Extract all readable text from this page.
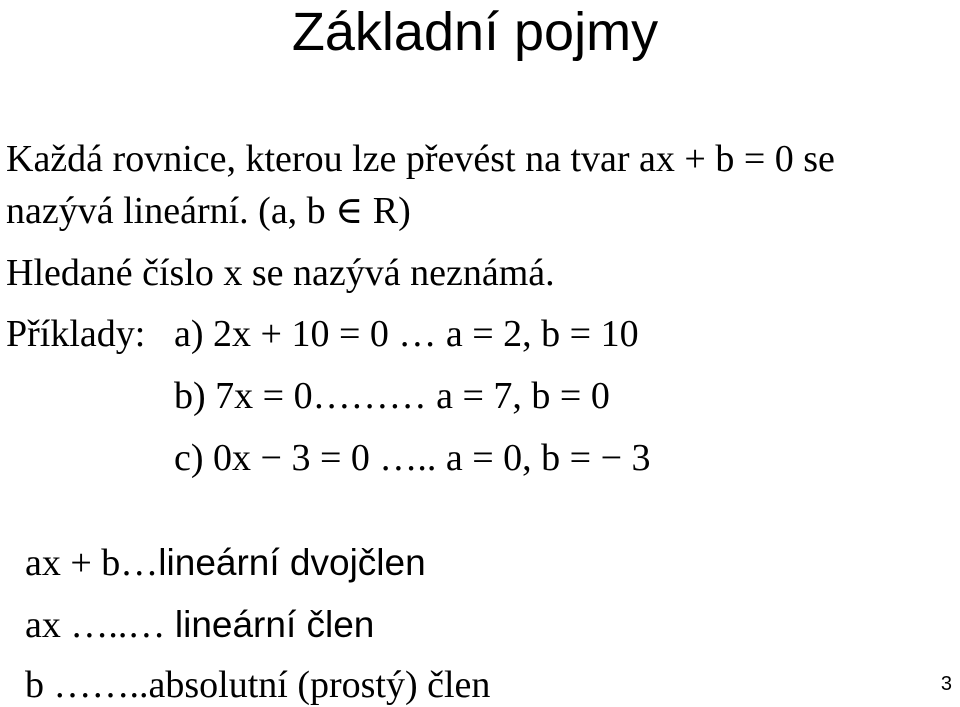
Základní pojmy
Každá rovnice, kterou lze převést na tvar ax + b = 0 se
nazývá lineární. (a, b ∈ R)
Hledané číslo x se nazývá neznámá.
Příklady: a) 2x + 10 = 0 … a = 2, b = 10
b) 7x = 0……… a = 7, b = 0
c) 0x − 3 = 0 ….. a = 0, b = − 3

ax + b…lineární dvojčlen

ax …..… lineární člen

b ……..absolutní (prostý) člen	3
